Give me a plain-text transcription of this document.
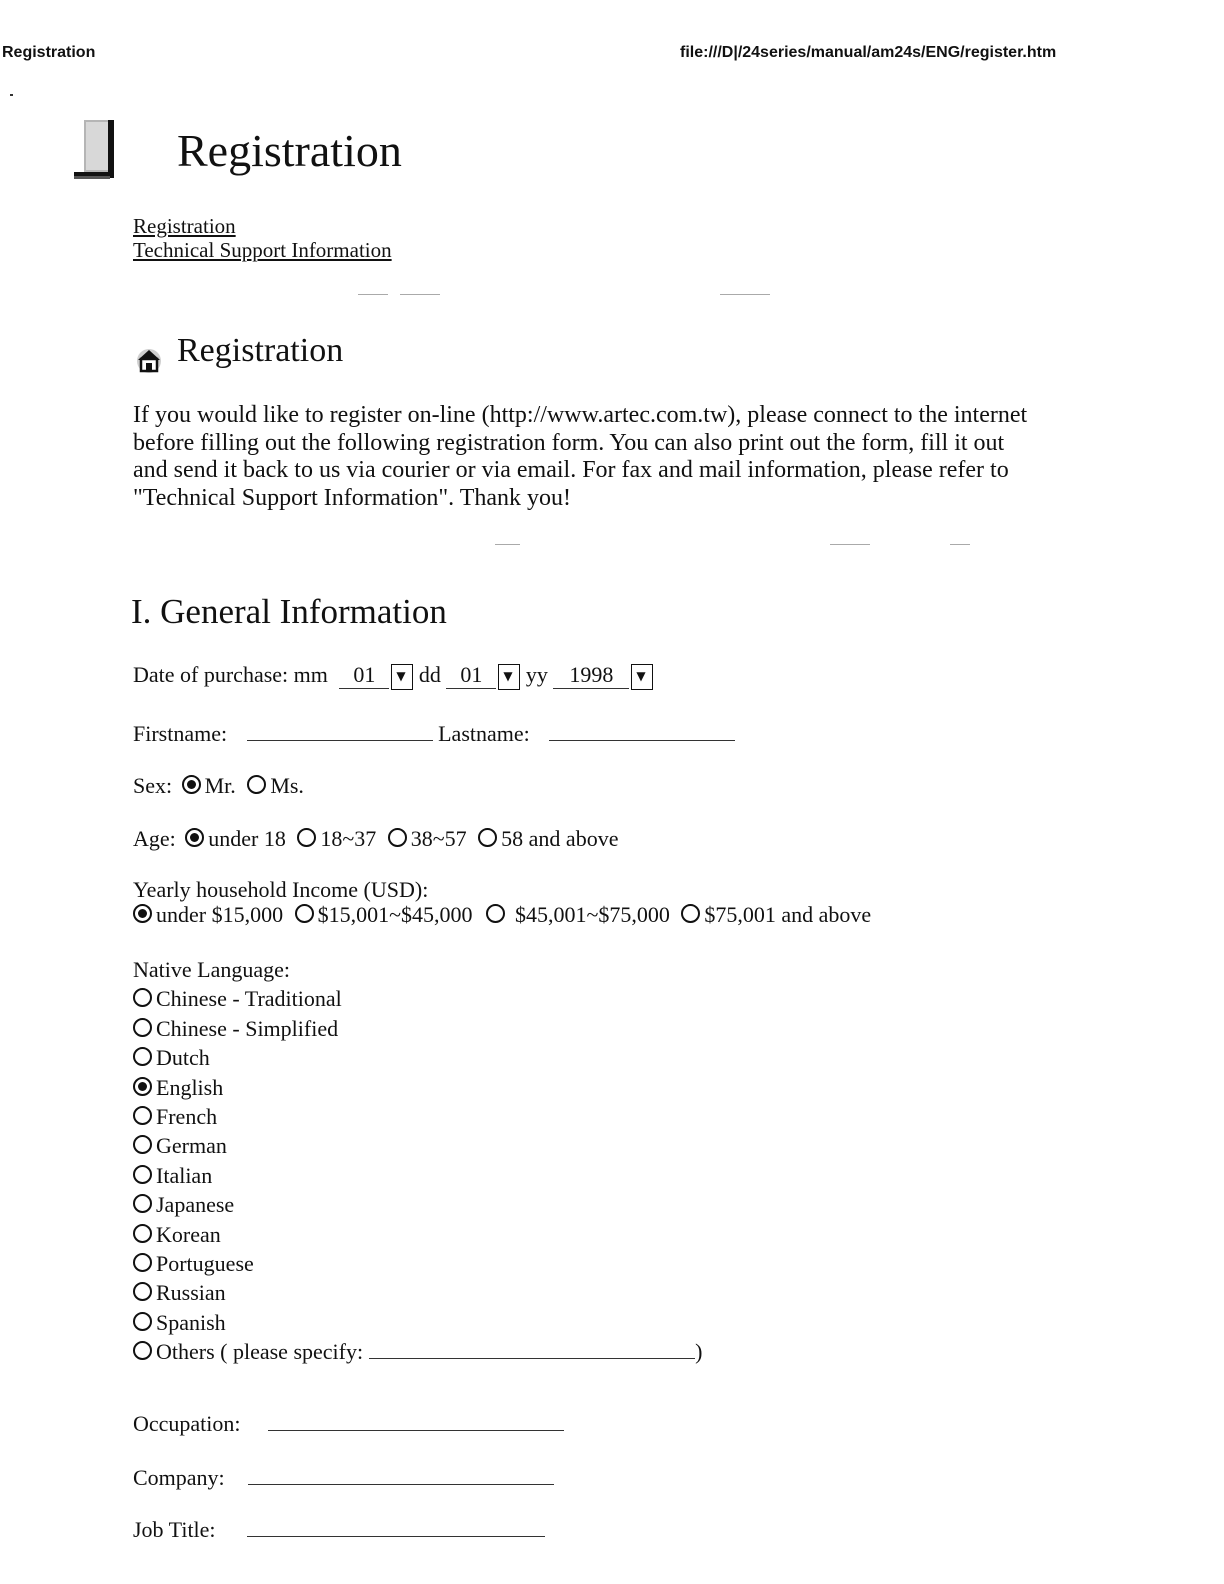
Registration	file:///D|/24series/manual/am24s/ENG/register.htm
Registration
Registration
Technical Support Information
Registration

If you would like to register on-line (http://www.artec.com.tw), please connect to the internet before filling out the following registration form. You can also print out the form, fill it out and send it back to us via courier or via email. For fax and mail information, please refer to "Technical Support Information". Thank you!

I. General Information
Date of purchase: mm 01 ▼ dd 01 ▼ yy 1998▼
Firstname:	Lastname:
Sex: Mr. Ms.
Age: under 18 18~37 38~57 58 and above
Yearly household Income (USD):
under $15,000 $15,001~$45,000 $45,001~$75,000 $75,001 and above
Native Language:
Chinese - Traditional
Chinese - Simplified
Dutch
English
French
German
Italian
Japanese
Korean
Portuguese
Russian
Spanish
Others ( please specify:	)
Occupation:
Company:
Job Title:
